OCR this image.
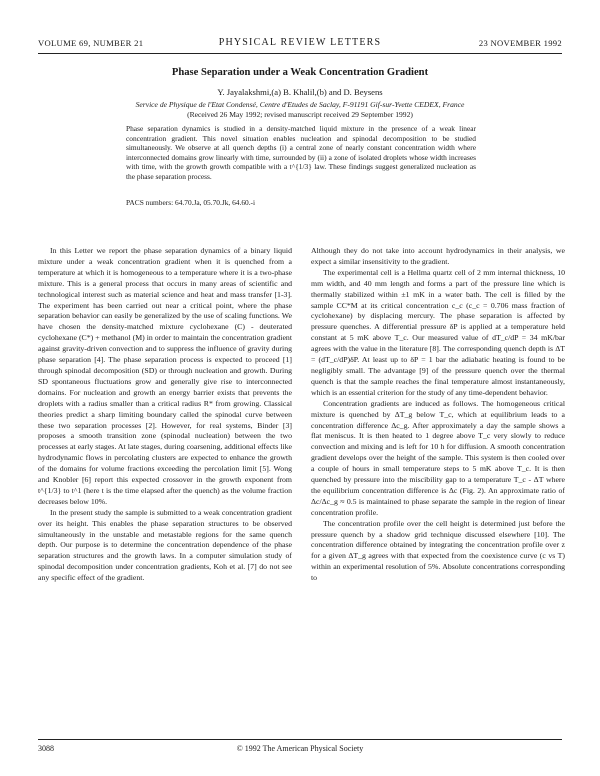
VOLUME 69, NUMBER 21	PHYSICAL REVIEW LETTERS	23 NOVEMBER 1992
Phase Separation under a Weak Concentration Gradient
Y. Jayalakshmi,(a) B. Khalil,(b) and D. Beysens
Service de Physique de l'Etat Condensé, Centre d'Etudes de Saclay, F-91191 Gif-sur-Yvette CEDEX, France
(Received 26 May 1992; revised manuscript received 29 September 1992)
Phase separation dynamics is studied in a density-matched liquid mixture in the presence of a weak linear concentration gradient. This novel situation enables nucleation and spinodal decomposition to be studied simultaneously. We observe at all quench depths (i) a central zone of nearly constant concentration width where interconnected domains grow linearly with time, surrounded by (ii) a zone of isolated droplets whose width increases with time, with the growth growth compatible with a t^{1/3} law. These findings suggest generalized nucleation as the phase separation process.
PACS numbers: 64.70.Ja, 05.70.Jk, 64.60.-i

In this Letter we report the phase separation dynamics of a binary liquid mixture under a weak concentration gradient when it is quenched from a temperature at which it is homogeneous to a temperature where it is a two-phase mixture. This is a general process that occurs in many areas of scientific and technological interest such as material science and heat and mass transfer [1-3]. The experiment has been carried out near a critical point, where the phase separation behavior can easily be generalized by the use of scaling functions. We have chosen the density-matched mixture cyclohexane (C) - deuterated cyclohexane (C*) + methanol (M) in order to maintain the concentration gradient against gravity-driven convection and to suppress the influence of gravity during phase separation [4]. The phase separation process is expected to proceed [1] through spinodal decomposition (SD) or through nucleation and growth. During SD spontaneous fluctuations grow and generally give rise to interconnected domains. For nucleation and growth an energy barrier exists that prevents the droplets with a radius smaller than a critical radius R* from growing. Classical theories predict a sharp limiting boundary called the spinodal curve between these two separation processes [2]. However, for real systems, Binder [3] proposes a smooth transition zone (spinodal nucleation) between the two processes at early stages. At late stages, during coarsening, additional effects like hydrodynamic flows in percolating clusters are expected to enhance the growth of the domains for volume fractions exceeding the percolation limit [5]. Wong and Knobler [6] report this expected crossover in the growth exponent from t^{1/3} to t^1 (here t is the time elapsed after the quench) as the volume fraction decreases below 10%.

In the present study the sample is submitted to a weak concentration gradient over its height. This enables the phase separation structures to be observed simultaneously in the unstable and metastable regions for the same quench depth. Our purpose is to determine the concentration dependence of the phase separation structures and the growth laws. In a computer simulation study of spinodal decomposition under concentration gradients, Koh et al. [7] do not see any specific effect of the gradient.

Although they do not take into account hydrodynamics in their analysis, we expect a similar insensitivity to the gradient.

The experimental cell is a Hellma quartz cell of 2 mm internal thickness, 10 mm width, and 40 mm length and forms a part of the pressure line which is thermally stabilized within ±1 mK in a water bath. The cell is filled by the sample CC*M at its critical concentration c_c (c_c = 0.706 mass fraction of cyclohexane) by displacing mercury. The phase separation is affected by pressure quenches. A differential pressure δP is applied at a temperature held constant at 5 mK above T_c. Our measured value of dT_c/dP = 34 mK/bar agrees with the value in the literature [8]. The corresponding quench depth is ΔT = (dT_c/dP)δP. At least up to δP = 1 bar the adiabatic heating is found to be negligibly small. The advantage [9] of the pressure quench over the thermal quench is that the sample reaches the final temperature almost instantaneously, which is an essential criterion for the study of any time-dependent behavior.

Concentration gradients are induced as follows. The homogeneous critical mixture is quenched by ΔT_g below T_c, which at equilibrium leads to a concentration difference Δc_g. After approximately a day the sample shows a flat meniscus. It is then heated to 1 degree above T_c very slowly to reduce convection and mixing and is left for 10 h for diffusion. A smooth concentration gradient develops over the height of the sample. This system is then cooled over a couple of hours in small temperature steps to 5 mK above T_c. It is then quenched by pressure into the miscibility gap to a temperature T_c - ΔT where the equilibrium concentration difference is Δc (Fig. 2). An approximate ratio of Δc/Δc_g ≈ 0.5 is maintained to phase separate the sample in the region of linear concentration profile.

The concentration profile over the cell height is determined just before the pressure quench by a shadow grid technique discussed elsewhere [10]. The concentration difference obtained by integrating the concentration profile over z for a given ΔT_g agrees with that expected from the coexistence curve (c vs T) within an experimental resolution of 5%. Absolute concentrations corresponding to

3088	© 1992 The American Physical Society
